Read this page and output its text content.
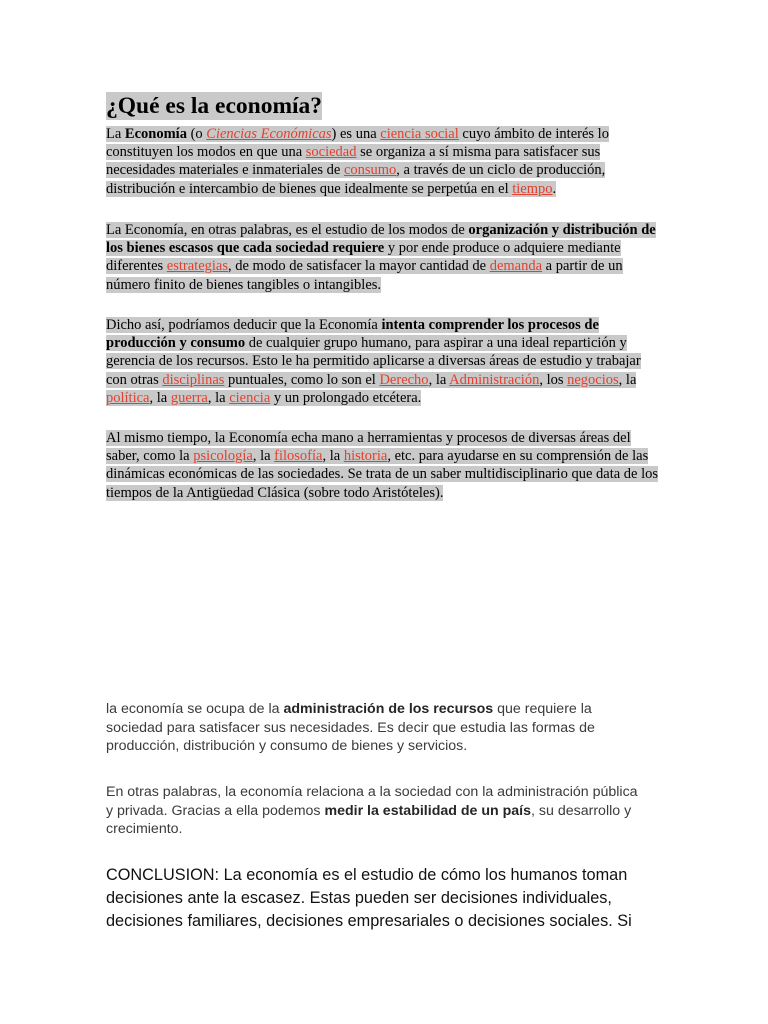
¿Qué es la economía?

La Economía (o Ciencias Económicas) es una ciencia social cuyo ámbito de interés lo constituyen los modos en que una sociedad se organiza a sí misma para satisfacer sus necesidades materiales e inmateriales de consumo, a través de un ciclo de producción, distribución e intercambio de bienes que idealmente se perpetúa en el tiempo.

La Economía, en otras palabras, es el estudio de los modos de organización y distribución de los bienes escasos que cada sociedad requiere y por ende produce o adquiere mediante diferentes estrategias, de modo de satisfacer la mayor cantidad de demanda a partir de un número finito de bienes tangibles o intangibles.

Dicho así, podríamos deducir que la Economía intenta comprender los procesos de producción y consumo de cualquier grupo humano, para aspirar a una ideal repartición y gerencia de los recursos. Esto le ha permitido aplicarse a diversas áreas de estudio y trabajar con otras disciplinas puntuales, como lo son el Derecho, la Administración, los negocios, la política, la guerra, la ciencia y un prolongado etcétera.

Al mismo tiempo, la Economía echa mano a herramientas y procesos de diversas áreas del saber, como la psicología, la filosofía, la historia, etc. para ayudarse en su comprensión de las dinámicas económicas de las sociedades. Se trata de un saber multidisciplinario que data de los tiempos de la Antigüedad Clásica (sobre todo Aristóteles).

la economía se ocupa de la administración de los recursos que requiere la sociedad para satisfacer sus necesidades. Es decir que estudia las formas de producción, distribución y consumo de bienes y servicios.

En otras palabras, la economía relaciona a la sociedad con la administración pública y privada. Gracias a ella podemos medir la estabilidad de un país, su desarrollo y crecimiento.

CONCLUSION: La economía es el estudio de cómo los humanos toman decisiones ante la escasez. Estas pueden ser decisiones individuales, decisiones familiares, decisiones empresariales o decisiones sociales. Si
